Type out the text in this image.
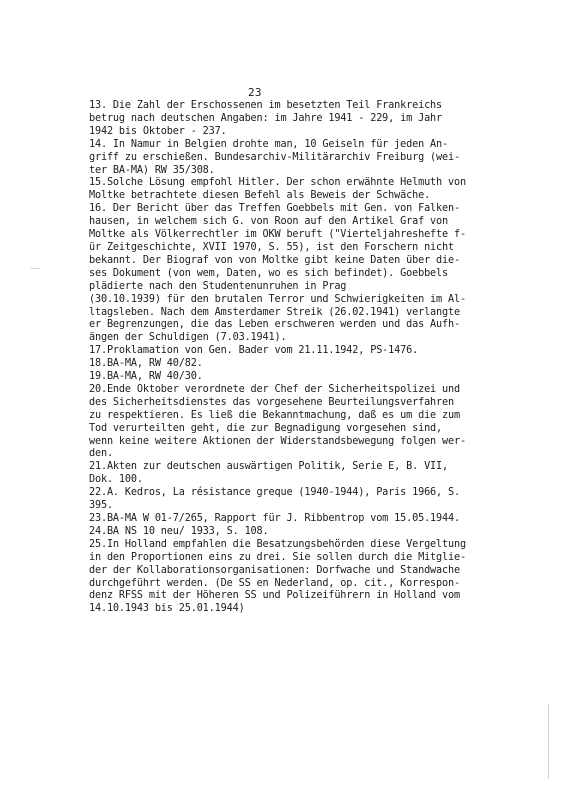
23
13. Die Zahl der Erschossenen im besetzten Teil Frankreichs
betrug nach deutschen Angaben: im Jahre 1941 - 229, im Jahr
1942 bis Oktober - 237.
14. In Namur in Belgien drohte man, 10 Geiseln für jeden An-
griff zu erschießen. Bundesarchiv-Militärarchiv Freiburg (wei-
ter BA-MA) RW 35/308.
15.Solche Lösung empfohl Hitler. Der schon erwähnte Helmuth von
Moltke betrachtete diesen Befehl als Beweis der Schwäche.
16. Der Bericht über das Treffen Goebbels mit Gen. von Falken-
hausen, in welchem sich G. von Roon auf den Artikel Graf von
Moltke als Völkerrechtler im OKW beruft ("Vierteljahreshefte f-
ür Zeitgeschichte, XVII 1970, S. 55), ist den Forschern nicht
bekannt. Der Biograf von von Moltke gibt keine Daten über die-
ses Dokument (von wem, Daten, wo es sich befindet). Goebbels
plädierte nach den Studentenunruhen in Prag
(30.10.1939) für den brutalen Terror und Schwierigkeiten im Al-
ltagsleben. Nach dem Amsterdamer Streik (26.02.1941) verlangte
er Begrenzungen, die das Leben erschweren werden und das Aufh-
ängen der Schuldigen (7.03.1941).
17.Proklamation von Gen. Bader vom 21.11.1942, PS-1476.
18.BA-MA, RW 40/82.
19.BA-MA, RW 40/30.
20.Ende Oktober verordnete der Chef der Sicherheitspolizei und
des Sicherheitsdienstes das vorgesehene Beurteilungsverfahren
zu respektieren. Es ließ die Bekanntmachung, daß es um die zum
Tod verurteilten geht, die zur Begnadigung vorgesehen sind,
wenn keine weitere Aktionen der Widerstandsbewegung folgen wer-
den.
21.Akten zur deutschen auswärtigen Politik, Serie E, B. VII,
Dok. 100.
22.A. Kedros, La résistance greque (1940-1944), Paris 1966, S.
395.
23.BA-MA W 01-7/265, Rapport für J. Ribbentrop vom 15.05.1944.
24.BA NS 10 neu/ 1933, S. 108.
25.In Holland empfahlen die Besatzungsbehörden diese Vergeltung
in den Proportionen eins zu drei. Sie sollen durch die Mitglie-
der der Kollaborationsorganisationen: Dorfwache und Standwache
durchgeführt werden. (De SS en Nederland, op. cit., Korrespon-
denz RFSS mit der Höheren SS und Polizeiführern in Holland vom
14.10.1943 bis 25.01.1944)
